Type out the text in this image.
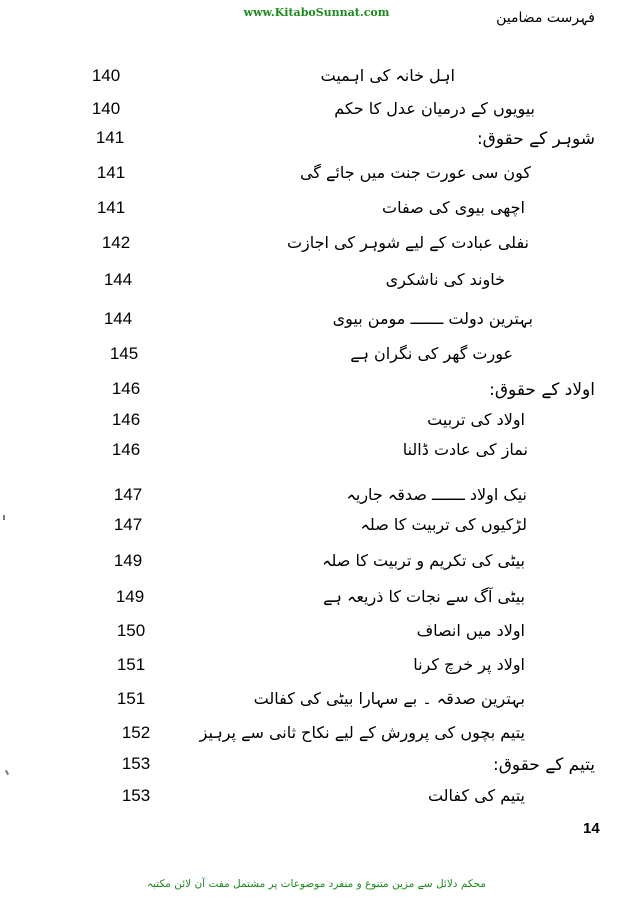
www.KitaboSunnat.com	فہرست مضامین
اہل خانہ کی اہمیت
140
بیویوں کے درمیان عدل کا حکم
140
شوہر کے حقوق:
141
کون سی عورت جنت میں جائے گی
141
اچھی بیوی کی صفات
141
نفلی عبادت کے لیے شوہر کی اجازت
142
خاوند کی ناشکری
144
بہترین دولت ـــــــ مومن بیوی
144
عورت گھر کی نگران ہے
145
اولاد کے حقوق:
146
اولاد کی تربیت
146
نماز کی عادت ڈالنا
146
نیک اولاد ـــــــ صدقہ جاریہ
147
لڑکیوں کی تربیت کا صلہ
147
بیٹی کی تکریم و تربیت کا صلہ
149
بیٹی آگ سے نجات کا ذریعہ ہے
149
اولاد میں انصاف
150
اولاد پر خرچ کرنا
151
بہترین صدقہ ۔ بے سہارا بیٹی کی کفالت
151
یتیم بچوں کی پرورش کے لیے نکاح ثانی سے پرہیز
152
یتیم کے حقوق:
153
یتیم کی کفالت
153
14
محکم دلائل سے مزین متنوع و منفرد موضوعات پر مشتمل مفت آن لائن مکتبہ
